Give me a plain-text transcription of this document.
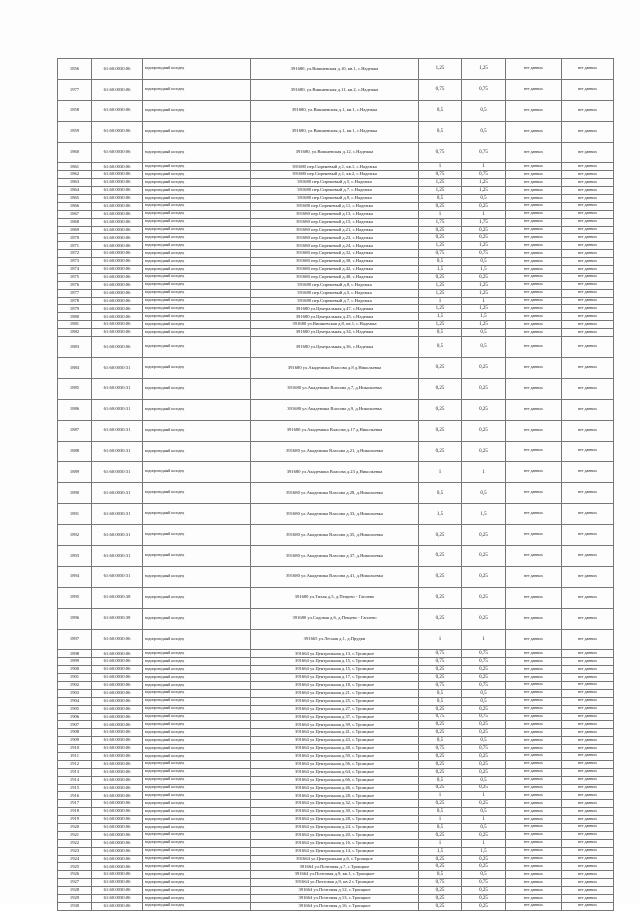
1856	61:60:0030:06	водопроводный колодец	391680, ул.Вишневская д.10, кв.1, с.Надежка	1,25	1,25	нет данных	нет данных
1977	61:60:0030:06	водопроводный колодец	391680, ул.Вишневская д.11, кв.2, с.Надежка	0,75	0,75	нет данных	нет данных
1858	61:60:0030:06	водопроводный колодец	391680, ул.Вишневская д.1, кв.1, с.Надежка	0,5	0,5	нет данных	нет данных
1859	61:60:0030:06	водопроводный колодец	391680, ул.Вишневская д.1, кв.1, с.Надежка	0,5	0,5	нет данных	нет данных
1860	61:60:0030:06	водопроводный колодец	391680, ул.Вишневская д.12, с.Надежка	0,75	0,75	нет данных	нет данных
1861	61:60:0030:06	водопроводный колодец	391680 пер.Сиреневый д.1, кв.1, с.Надежка	1	1	нет данных	нет данных
1862	61:60:0030:06	водопроводный колодец	391680 пер.Сиреневый д.1, кв.2, с.Надежка	0,75	0,75	нет данных	нет данных
1863	61:60:0030:06	водопроводный колодец	391680 пер.Сиреневый д.5, с.Надежка	1,25	1,25	нет данных	нет данных
1864	61:60:0030:06	водопроводный колодец	391680 пер.Сиреневый д.7, с.Надежка	1,25	1,25	нет данных	нет данных
1865	61:60:0030:06	водопроводный колодец	391680 пер.Сиреневый д.9, с.Надежка	0,5	0,5	нет данных	нет данных
1866	61:60:0030:06	водопроводный колодец	391680 пер.Сиреневый д.11, с.Надежка	0,25	0,25	нет данных	нет данных
1867	61:60:0030:06	водопроводный колодец	391680 пер.Сиреневый д.13, с.Надежка	1	1	нет данных	нет данных
1868	61:60:0030:06	водопроводный колодец	391680 пер.Сиреневый д.15, с.Надежка	1,75	1,75	нет данных	нет данных
1869	61:60:0030:06	водопроводный колодец	391680 пер.Сиреневый д.21, с.Надежка	0,25	0,25	нет данных	нет данных
1870	61:60:0030:06	водопроводный колодец	391680 пер.Сиреневый д.23, с.Надежка	0,25	0,25	нет данных	нет данных
1871	61:60:0030:06	водопроводный колодец	391680 пер.Сиреневый д.24, с.Надежка	1,25	1,25	нет данных	нет данных
1872	61:60:0030:06	водопроводный колодец	391680 пер.Сиреневый д.32, с.Надежка	0,75	0,75	нет данных	нет данных
1873	61:60:0030:06	водопроводный колодец	391680 пер.Сиреневый д.38, с.Надежка	0,5	0,5	нет данных	нет данных
1874	61:60:0030:06	водопроводный колодец	391680 пер.Сиреневый д.42, с.Надежка	1,5	1,5	нет данных	нет данных
1875	61:60:0030:06	водопроводный колодец	391680 пер.Сиреневый д.48, с.Надежка	0,25	0,25	нет данных	нет данных
1876	61:60:0030:06	водопроводный колодец	391680 пер.Сиреневый д.8, с.Надежка	1,25	1,25	нет данных	нет данных
1877	61:60:0030:06	водопроводный колодец	391680 пер.Сиреневый д.5, с.Надежка	1,25	1,25	нет данных	нет данных
1878	61:60:0030:06	водопроводный колодец	391680 пер.Сиреневый д.7, с.Надежка	1	1	нет данных	нет данных
1879	61:60:0030:06	водопроводный колодец	391680 ул.Центральная д.47, с.Надежка	1,25	1,25	нет данных	нет данных
1880	61:60:0030:06	водопроводный колодец	391680 ул.Центральная д.25, с.Надежка	1,5	1,5	нет данных	нет данных
1881	61:60:0030:06	водопроводный колодец	391680 ул.Вишневская д.8, кв.1, с.Надежка	1,25	1,25	нет данных	нет данных
1882	61:60:0030:06	водопроводный колодец	391680 ул.Центральная д.34, с.Надежка	0,5	0,5	нет данных	нет данных
1883	61:60:0030:06	водопроводный колодец	391680 ул.Центральная д.36, с.Надежка	0,5	0,5	нет данных	нет данных
1884	61:60:0030:31	водопроводный колодец	391680 ул.Академика Власова д.8 д.Никольевка	0,25	0,25	нет данных	нет данных
1885	61:60:0030:31	водопроводный колодец	391680 ул.Академика Власова д.7, д.Никольевка	0,25	0,25	нет данных	нет данных
1886	61:60:0030:31	водопроводный колодец	391680 ул.Академика Власова д.9, д.Никольевка	0,25	0,25	нет данных	нет данных
1887	61:60:0030:31	водопроводный колодец	391680 ул.Академика Власова д.17 д.Никольевка	0,25	0,25	нет данных	нет данных
1888	61:60:0030:31	водопроводный колодец	391680 ул.Академика Власова д.21, д.Никольевка	0,25	0,25	нет данных	нет данных
1889	61:60:0030:31	водопроводный колодец	391680 ул.Академика Власова д.23 д.Никольевка	1	1	нет данных	нет данных
1890	61:60:0030:31	водопроводный колодец	391680 ул.Академика Власова д.28, д.Никольевка	0,5	0,5	нет данных	нет данных
1891	61:60:0030:31	водопроводный колодец	391680 ул.Академика Власова д.33, д.Никольевка	1,5	1,5	нет данных	нет данных
1892	61:60:0030:31	водопроводный колодец	391680 ул.Академика Власова д.35, д.Никольевка	0,25	0,25	нет данных	нет данных
1893	61:60:0030:31	водопроводный колодец	391680 ул.Академика Власова д.37, д.Никольевка	0,25	0,25	нет данных	нет данных
1894	61:60:0030:31	водопроводный колодец	391680 ул.Академика Власова д.41, д.Никольевка	0,25	0,25	нет данных	нет данных
1895	61:60:0030:38	водопроводный колодец	391680 ул.Тихая д.5, д.Пещево - Гаплево	0,25	0,25	нет данных	нет данных
1896	61:60:0030:38	водопроводный колодец	391680 ул.Садовая д.6, д.Пещево - Гаплево	0,25	0,25	нет данных	нет данных
1897	61:60:0030:06	водопроводный колодец	391665 ул.Лесная д.1, д.Прудки	1	1	нет данных	нет данных
1898	61:60:0030:06	водопроводный колодец	391664 ул.Центральная д.13, с.Троицкое	0,75	0,75	нет данных	нет данных
1899	61:60:0030:06	водопроводный колодец	391664 ул.Центральная д.15, с.Троицкое	0,75	0,75	нет данных	нет данных
1900	61:60:0030:06	водопроводный колодец	391664 ул.Центральная д.15, с.Троицкое	0,25	0,25	нет данных	нет данных
1901	61:60:0030:06	водопроводный колодец	391664 ул.Центральная д.17, с.Троицкое	0,25	0,25	нет данных	нет данных
1902	61:60:0030:06	водопроводный колодец	391664 ул.Центральная д.18, с.Троицкое	0,75	0,75	нет данных	нет данных
1903	61:60:0030:06	водопроводный колодец	391664 ул.Центральная д.21, с.Троицкое	0,5	0,5	нет данных	нет данных
1904	61:60:0030:06	водопроводный колодец	391664 ул.Центральная д.25, с.Троицкое	0,5	0,5	нет данных	нет данных
1905	61:60:0030:06	водопроводный колодец	391664 ул.Центральная д.27, с.Троицкое	0,25	0,25	нет данных	нет данных
1906	61:60:0030:06	водопроводный колодец	391664 ул.Центральная д.37, с.Троицкое	0,75	0,75	нет данных	нет данных
1907	61:60:0030:06	водопроводный колодец	391664 ул.Центральная д.39, с.Троицкое	0,25	0,25	нет данных	нет данных
1908	61:60:0030:06	водопроводный колодец	391664 ул.Центральная д.41, с.Троицкое	0,25	0,25	нет данных	нет данных
1909	61:60:0030:06	водопроводный колодец	391664 ул.Центральная д.43, с.Троицкое	0,5	0,5	нет данных	нет данных
1910	61:60:0030:06	водопроводный колодец	391664 ул.Центральная д.48, с.Троицкое	0,75	0,75	нет данных	нет данных
1911	61:60:0030:06	водопроводный колодец	391664 ул.Центральная д.50, с.Троицкое	0,25	0,25	нет данных	нет данных
1912	61:60:0030:06	водопроводный колодец	391664 ул.Центральная д.56, с.Троицкое	0,25	0,25	нет данных	нет данных
1913	61:60:0030:06	водопроводный колодец	391664 ул.Центральная д.64, с.Троицкое	0,25	0,25	нет данных	нет данных
1914	61:60:0030:06	водопроводный колодец	391664 ул.Центральная д.66, с.Троицкое	0,5	0,5	нет данных	нет данных
1915	61:60:0030:06	водопроводный колодец	391664 ул.Центральная д.46, с.Троицкое	0,25	0,25	нет данных	нет данных
1916	61:60:0030:06	водопроводный колодец	391664 ул.Центральная д.28, с.Троицкое	1	1	нет данных	нет данных
1917	61:60:0030:06	водопроводный колодец	391664 ул.Центральная д.32, с.Троицкое	0,25	0,25	нет данных	нет данных
1918	61:60:0030:06	водопроводный колодец	391664 ул.Центральная д.30, с.Троицкое	0,5	0,5	нет данных	нет данных
1919	61:60:0030:06	водопроводный колодец	391664 ул.Центральная д.28, с.Троицкое	1	1	нет данных	нет данных
1920	61:60:0030:06	водопроводный колодец	391664 ул.Центральная д.24, с.Троицкое	0,5	0,5	нет данных	нет данных
1921	61:60:0030:06	водопроводный колодец	391664 ул.Центральная д.20, с.Троицкое	0,25	0,25	нет данных	нет данных
1922	61:60:0030:06	водопроводный колодец	391664 ул.Центральная д.16, с.Троицкое	1	1	нет данных	нет данных
1923	61:60:0030:06	водопроводный колодец	391664 ул.Центральная д.14, с.Троицкое	1,5	1,5	нет данных	нет данных
1924	61:60:0030:06	водопроводный колодец	391664 ул.Центральная д.6, с.Троицкое	0,25	0,25	нет данных	нет данных
1925	61:60:0030:06	водопроводный колодец	391664 ул.Почтовая д.7, с.Троицкое	0,25	0,25	нет данных	нет данных
1926	61:60:0030:06	водопроводный колодец	391664 ул.Почтовая д.9, кв.1, с.Троицкое	0,5	0,5	нет данных	нет данных
1927	61:60:0030:06	водопроводный колодец	391664 ул.Почтовая д.9, кв.2 с.Троицкое	0,75	0,75	нет данных	нет данных
1928	61:60:0030:06	водопроводный колодец	391664 ул.Почтовая д.12, с.Троицкое	0,25	0,25	нет данных	нет данных
1929	61:60:0030:06	водопроводный колодец	391664 ул.Почтовая д.13, с.Троицкое	0,25	0,25	нет данных	нет данных
1930	61:60:0030:06	водопроводный колодец	391664 ул.Почтовая д.16, с.Троицкое	0,25	0,25	нет данных	нет данных
